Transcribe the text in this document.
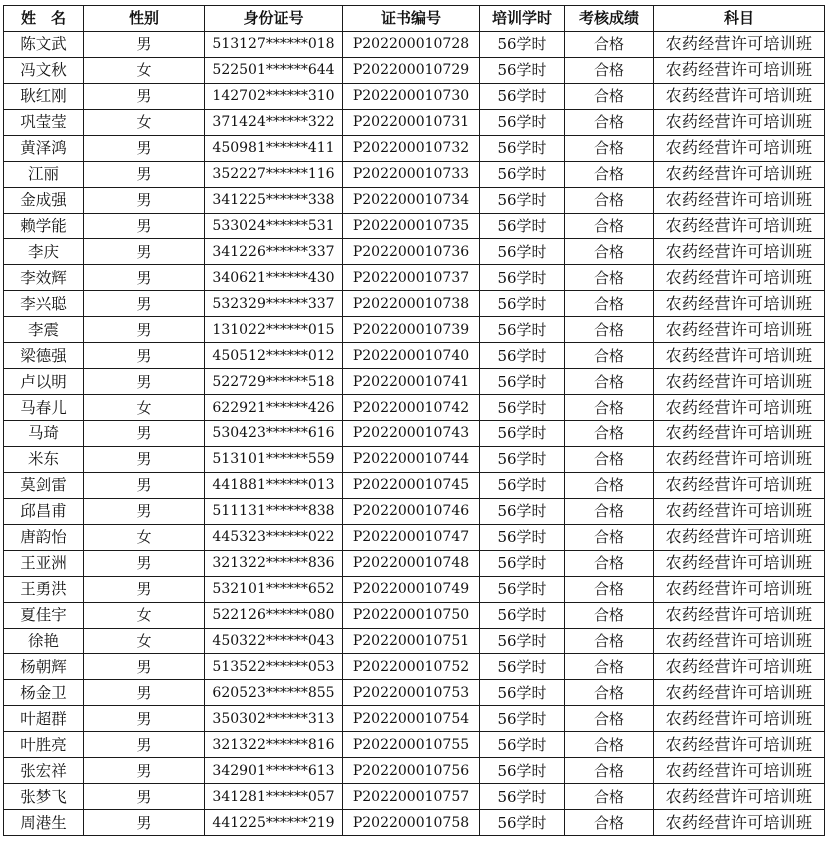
姓　名	性别	身份证号	证书编号	培训学时	考核成绩	科目
陈文武	男	513127******018	P202200010728	56学时	合格	农药经营许可培训班
冯文秋	女	522501******644	P202200010729	56学时	合格	农药经营许可培训班
耿红刚	男	142702******310	P202200010730	56学时	合格	农药经营许可培训班
巩莹莹	女	371424******322	P202200010731	56学时	合格	农药经营许可培训班
黄泽鸿	男	450981******411	P202200010732	56学时	合格	农药经营许可培训班
江丽	男	352227******116	P202200010733	56学时	合格	农药经营许可培训班
金成强	男	341225******338	P202200010734	56学时	合格	农药经营许可培训班
赖学能	男	533024******531	P202200010735	56学时	合格	农药经营许可培训班
李庆	男	341226******337	P202200010736	56学时	合格	农药经营许可培训班
李效辉	男	340621******430	P202200010737	56学时	合格	农药经营许可培训班
李兴聪	男	532329******337	P202200010738	56学时	合格	农药经营许可培训班
李震	男	131022******015	P202200010739	56学时	合格	农药经营许可培训班
梁德强	男	450512******012	P202200010740	56学时	合格	农药经营许可培训班
卢以明	男	522729******518	P202200010741	56学时	合格	农药经营许可培训班
马春儿	女	622921******426	P202200010742	56学时	合格	农药经营许可培训班
马琦	男	530423******616	P202200010743	56学时	合格	农药经营许可培训班
米东	男	513101******559	P202200010744	56学时	合格	农药经营许可培训班
莫剑雷	男	441881******013	P202200010745	56学时	合格	农药经营许可培训班
邱昌甫	男	511131******838	P202200010746	56学时	合格	农药经营许可培训班
唐韵怡	女	445323******022	P202200010747	56学时	合格	农药经营许可培训班
王亚洲	男	321322******836	P202200010748	56学时	合格	农药经营许可培训班
王勇洪	男	532101******652	P202200010749	56学时	合格	农药经营许可培训班
夏佳宇	女	522126******080	P202200010750	56学时	合格	农药经营许可培训班
徐艳	女	450322******043	P202200010751	56学时	合格	农药经营许可培训班
杨朝辉	男	513522******053	P202200010752	56学时	合格	农药经营许可培训班
杨金卫	男	620523******855	P202200010753	56学时	合格	农药经营许可培训班
叶超群	男	350302******313	P202200010754	56学时	合格	农药经营许可培训班
叶胜亮	男	321322******816	P202200010755	56学时	合格	农药经营许可培训班
张宏祥	男	342901******613	P202200010756	56学时	合格	农药经营许可培训班
张梦飞	男	341281******057	P202200010757	56学时	合格	农药经营许可培训班
周港生	男	441225******219	P202200010758	56学时	合格	农药经营许可培训班
